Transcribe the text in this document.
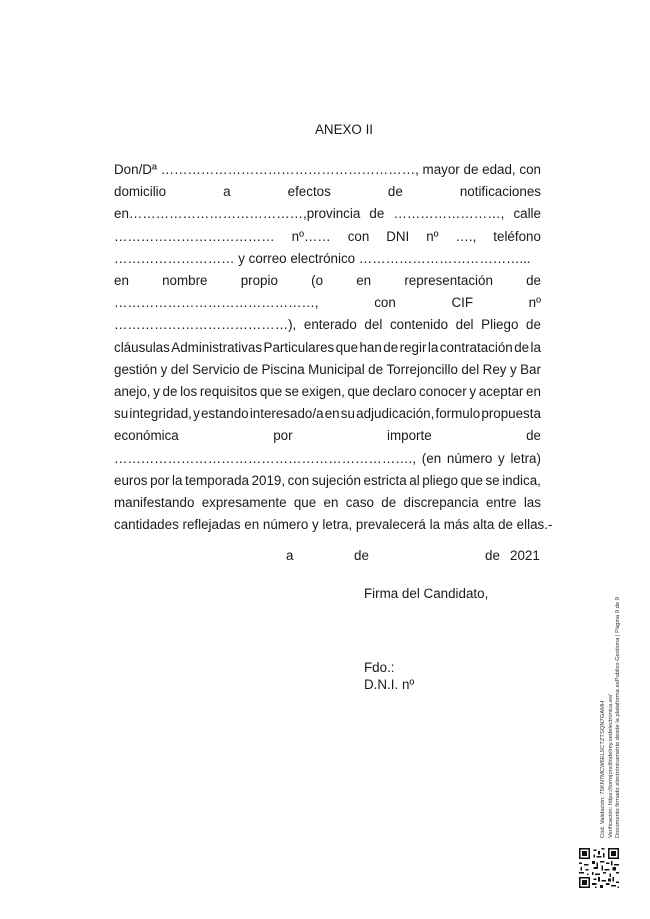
ANEXO II
Don/Dª …………………………………………………, mayor de edad, con
domicilio	a	efectos	de	notificaciones
en…………………………………,provincia de ……………………, calle
……………………………… nº…… con DNI nº …., teléfono
……………………… y correo electrónico ………………………………...
en nombre propio (o en representación de
………………………………………,	con	CIF	nº
…………………………………), enterado del contenido del Pliego de
cláusulas Administrativas Particulares que han de regir la contratación de la
gestión y del Servicio de Piscina Municipal de Torrejoncillo del Rey y Bar
anejo, y de los requisitos que se exigen, que declaro conocer y aceptar en
su integridad, y estando interesado/a en su adjudicación, formulo propuesta
económica	por	importe	de
…………………………………………………………., (en número y letra)
euros por la temporada 2019, con sujeción estricta al pliego que se indica,
manifestando expresamente que en caso de discrepancia entre las
cantidades reflejadas en número y letra, prevalecerá la más alta de ellas.-
a	de	de 2021
Firma del Candidato,
Fdo.:
D.N.I. nº
Cód. Validación: 75KN7MCW6EL5CTZTSQN7GAMH Verificación: https://torrejoncillodelrey.sedelectronica.es/ Documento firmado electrónicamente desde la plataforma esPublico Gestiona | Página 9 de 9
